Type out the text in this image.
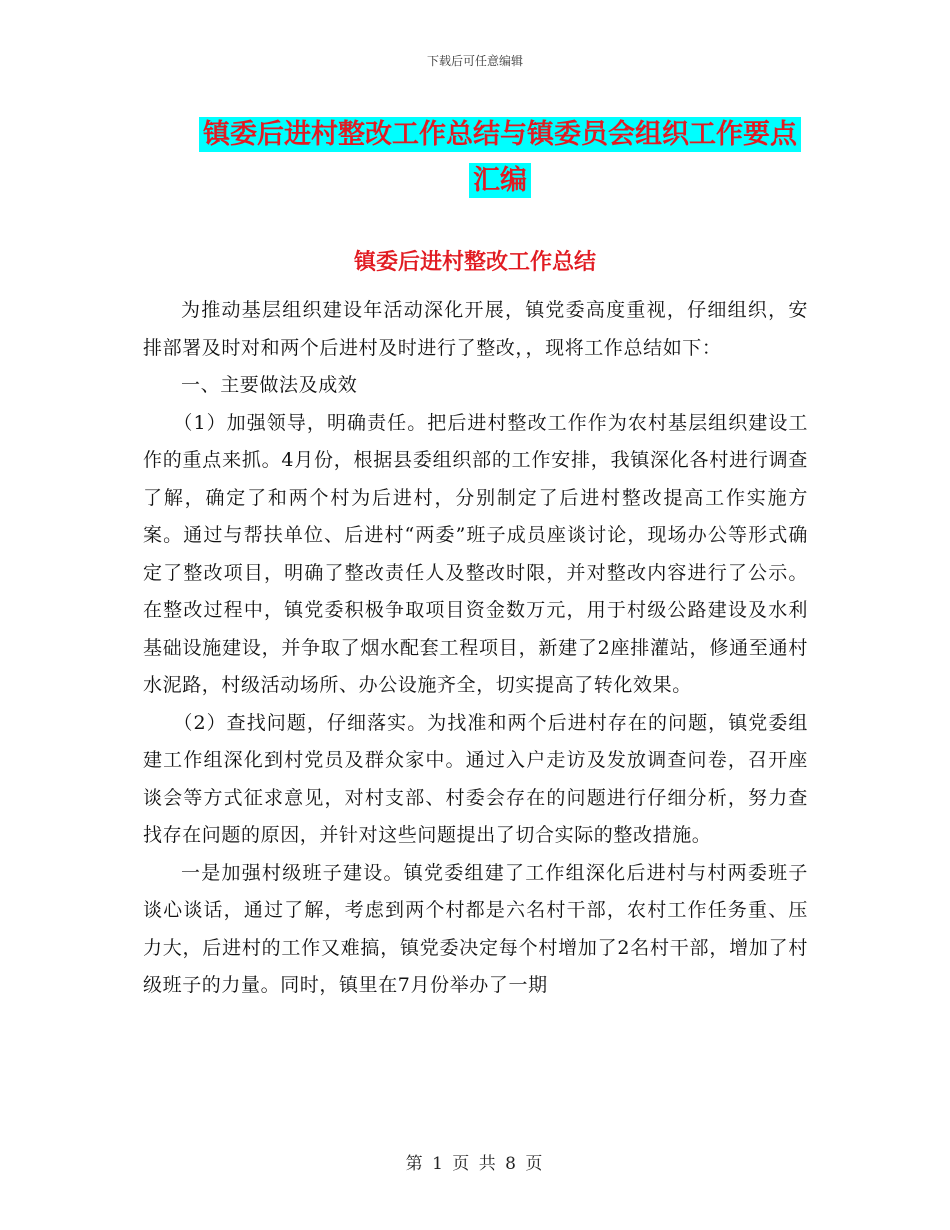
下载后可任意编辑
镇委后进村整改工作总结与镇委员会组织工作要点汇编
镇委后进村整改工作总结

为推动基层组织建设年活动深化开展，镇党委高度重视，仔细组织，安排部署及时对和两个后进村及时进行了整改，，现将工作总结如下：

一、主要做法及成效

（1）加强领导，明确责任。把后进村整改工作作为农村基层组织建设工作的重点来抓。4月份，根据县委组织部的工作安排，我镇深化各村进行调查了解，确定了和两个村为后进村，分别制定了后进村整改提高工作实施方案。通过与帮扶单位、后进村“两委”班子成员座谈讨论，现场办公等形式确定了整改项目，明确了整改责任人及整改时限，并对整改内容进行了公示。在整改过程中，镇党委积极争取项目资金数万元，用于村级公路建设及水利基础设施建设，并争取了烟水配套工程项目，新建了2座排灌站，修通至通村水泥路，村级活动场所、办公设施齐全，切实提高了转化效果。

（2）查找问题，仔细落实。为找准和两个后进村存在的问题，镇党委组建工作组深化到村党员及群众家中。通过入户走访及发放调查问卷，召开座谈会等方式征求意见，对村支部、村委会存在的问题进行仔细分析，努力查找存在问题的原因，并针对这些问题提出了切合实际的整改措施。

一是加强村级班子建设。镇党委组建了工作组深化后进村与村两委班子谈心谈话，通过了解，考虑到两个村都是六名村干部，农村工作任务重、压力大，后进村的工作又难搞，镇党委决定每个村增加了2名村干部，增加了村级班子的力量。同时，镇里在7月份举办了一期

第 1 页 共 8 页
